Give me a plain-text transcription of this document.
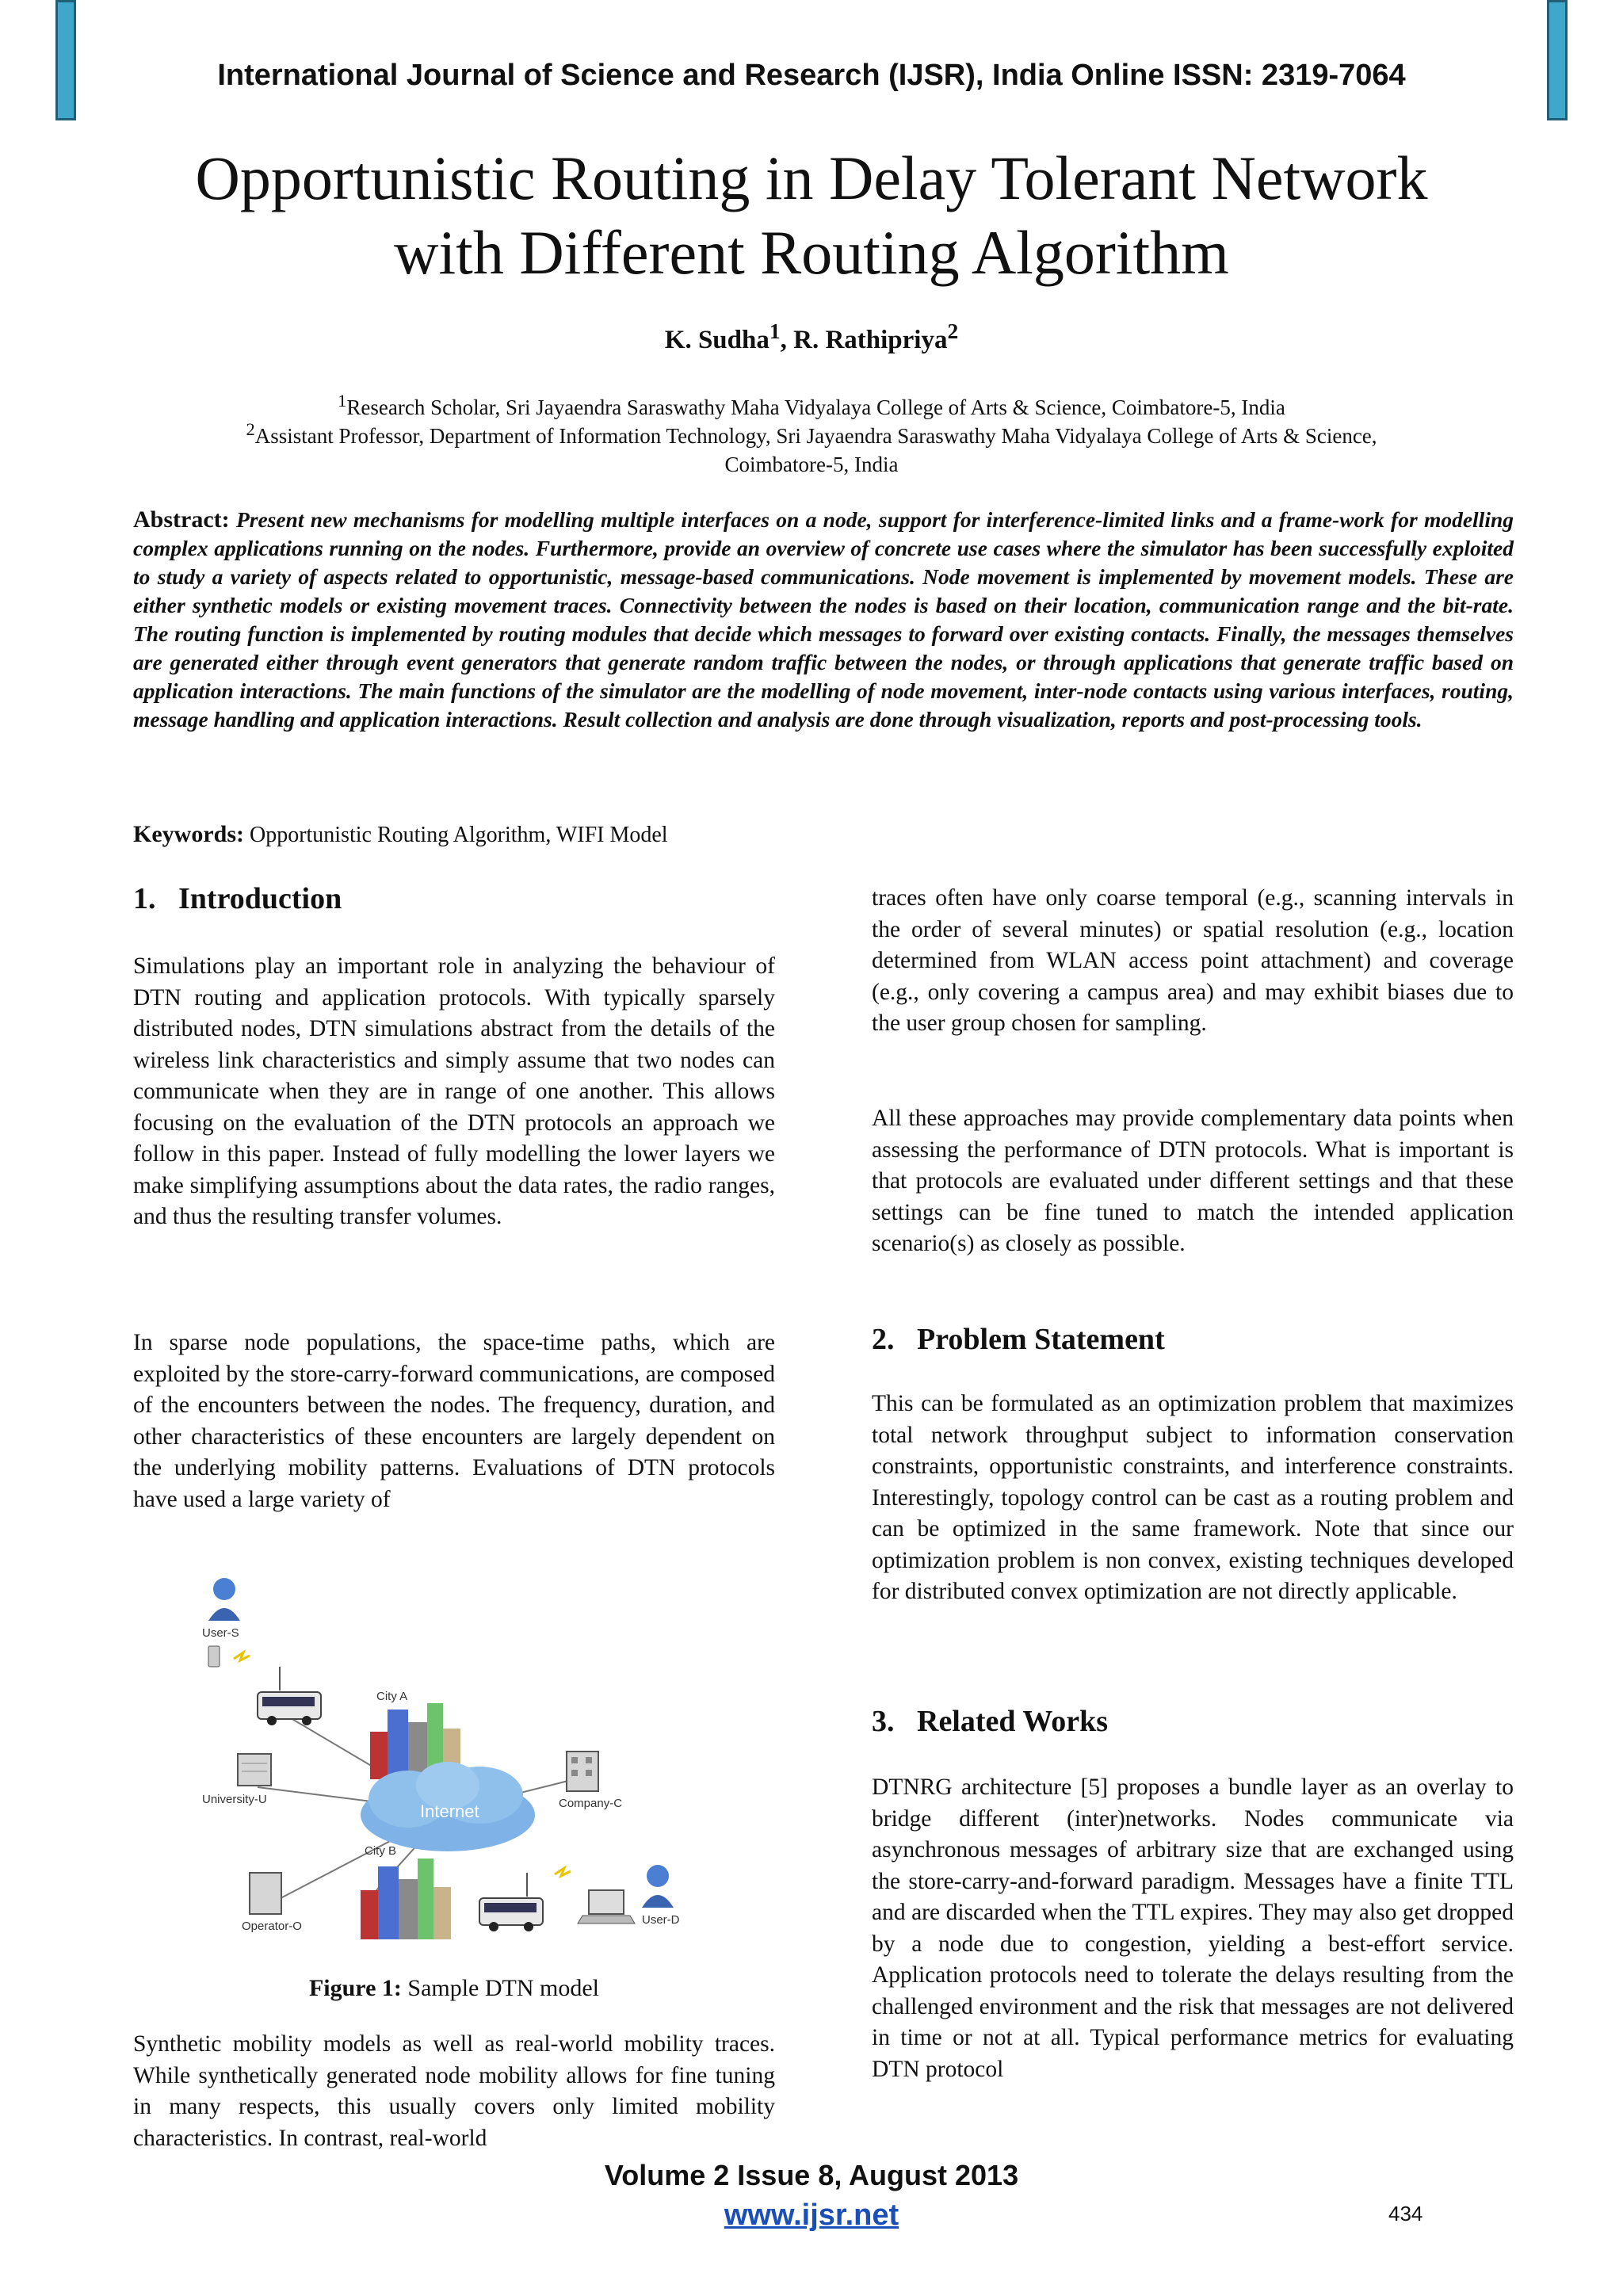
International Journal of Science and Research (IJSR), India Online ISSN: 2319-7064
Opportunistic Routing in Delay Tolerant Network
with Different Routing Algorithm
K. Sudha$^1$, R. Rathipriya$^2$
$^1$Research Scholar, Sri Jayaendra Saraswathy Maha Vidyalaya College of Arts & Science, Coimbatore-5, India
$^2$Assistant Professor, Department of Information Technology, Sri Jayaendra Saraswathy Maha Vidyalaya College of Arts & Science,
Coimbatore-5, India
Abstract: Present new mechanisms for modelling multiple interfaces on a node, support for interference-limited links and a frame-work for modelling complex applications running on the nodes. Furthermore, provide an overview of concrete use cases where the simulator has been successfully exploited to study a variety of aspects related to opportunistic, message-based communications. Node movement is implemented by movement models. These are either synthetic models or existing movement traces. Connectivity between the nodes is based on their location, communication range and the bit-rate. The routing function is implemented by routing modules that decide which messages to forward over existing contacts. Finally, the messages themselves are generated either through event generators that generate random traffic between the nodes, or through applications that generate traffic based on application interactions. The main functions of the simulator are the modelling of node movement, inter-node contacts using various interfaces, routing, message handling and application interactions. Result collection and analysis are done through visualization, reports and post-processing tools.
Keywords: Opportunistic Routing Algorithm, WIFI Model
1.   Introduction
Simulations play an important role in analyzing the behaviour of DTN routing and application protocols. With typically sparsely distributed nodes, DTN simulations abstract from the details of the wireless link characteristics and simply assume that two nodes can communicate when they are in range of one another. This allows focusing on the evaluation of the DTN protocols an approach we follow in this paper. Instead of fully modelling the lower layers we make simplifying assumptions about the data rates, the radio ranges, and thus the resulting transfer volumes.
In sparse node populations, the space-time paths, which are exploited by the store-carry-forward communications, are composed of the encounters between the nodes. The frequency, duration, and other characteristics of these encounters are largely dependent on the underlying mobility patterns. Evaluations of DTN protocols have used a large variety of
Synthetic mobility models as well as real-world mobility traces. While synthetically generated node mobility allows for fine tuning in many respects, this usually covers only limited mobility characteristics. In contrast, real-world
User-S
City A
University-U
Internet	Company-C
City B
Operator-O	User-D
Figure 1: Sample DTN model
traces often have only coarse temporal (e.g., scanning intervals in the order of several minutes) or spatial resolution (e.g., location determined from WLAN access point attachment) and coverage (e.g., only covering a campus area) and may exhibit biases due to the user group chosen for sampling.
All these approaches may provide complementary data points when assessing the performance of DTN protocols. What is important is that protocols are evaluated under different settings and that these settings can be fine tuned to match the intended application scenario(s) as closely as possible.
2.   Problem Statement
This can be formulated as an optimization problem that maximizes total network throughput subject to information conservation constraints, opportunistic constraints, and interference constraints. Interestingly, topology control can be cast as a routing problem and can be optimized in the same framework. Note that since our optimization problem is non convex, existing techniques developed for distributed convex optimization are not directly applicable.
3.   Related Works
DTNRG architecture [5] proposes a bundle layer as an overlay to bridge different (inter)networks. Nodes communicate via asynchronous messages of arbitrary size that are exchanged using the store-carry-and-forward paradigm. Messages have a finite TTL and are discarded when the TTL expires. They may also get dropped by a node due to congestion, yielding a best-effort service. Application protocols need to tolerate the delays resulting from the challenged environment and the risk that messages are not delivered in time or not at all. Typical performance metrics for evaluating DTN protocol
Volume 2 Issue 8, August 2013
www.ijsr.net	434
